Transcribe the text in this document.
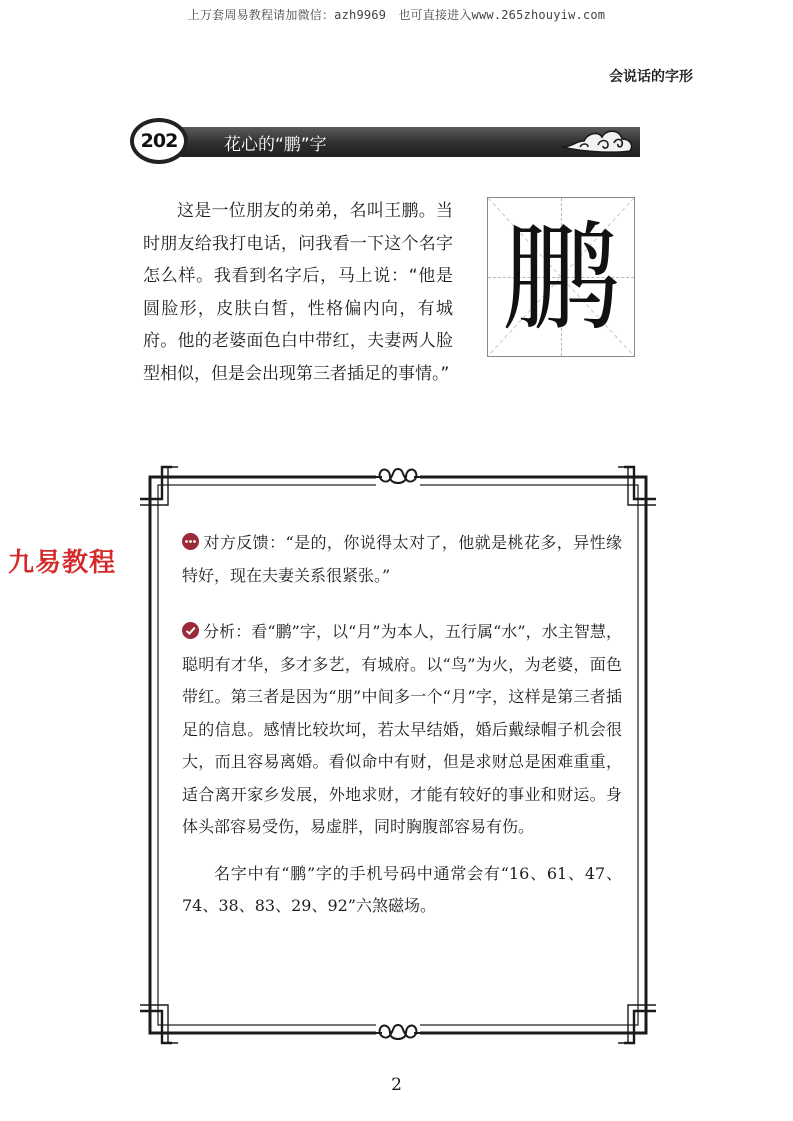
上万套周易教程请加微信：azh9969　也可直接进入www.265zhouyiw.com
会说话的字形
202	花心的“鹏”字

这是一位朋友的弟弟，名叫王鹏。当时朋友给我打电话，问我看一下这个名字怎么样。我看到名字后，马上说：“他是圆脸形，皮肤白皙，性格偏内向，有城府。他的老婆面色白中带红，夫妻两人脸型相似，但是会出现第三者插足的事情。”

鹏
九易教程

对方反馈：“是的，你说得太对了，他就是桃花多，异性缘特好，现在夫妻关系很紧张。”

分析：看“鹏”字，以“月”为本人，五行属“水”，水主智慧，聪明有才华，多才多艺，有城府。以“鸟”为火，为老婆，面色带红。第三者是因为“朋”中间多一个“月”字，这样是第三者插足的信息。感情比较坎坷，若太早结婚，婚后戴绿帽子机会很大，而且容易离婚。看似命中有财，但是求财总是困难重重，适合离开家乡发展，外地求财，才能有较好的事业和财运。身体头部容易受伤，易虚胖，同时胸腹部容易有伤。

名字中有“鹏”字的手机号码中通常会有“16、61、47、74、38、83、29、92”六煞磁场。

2
